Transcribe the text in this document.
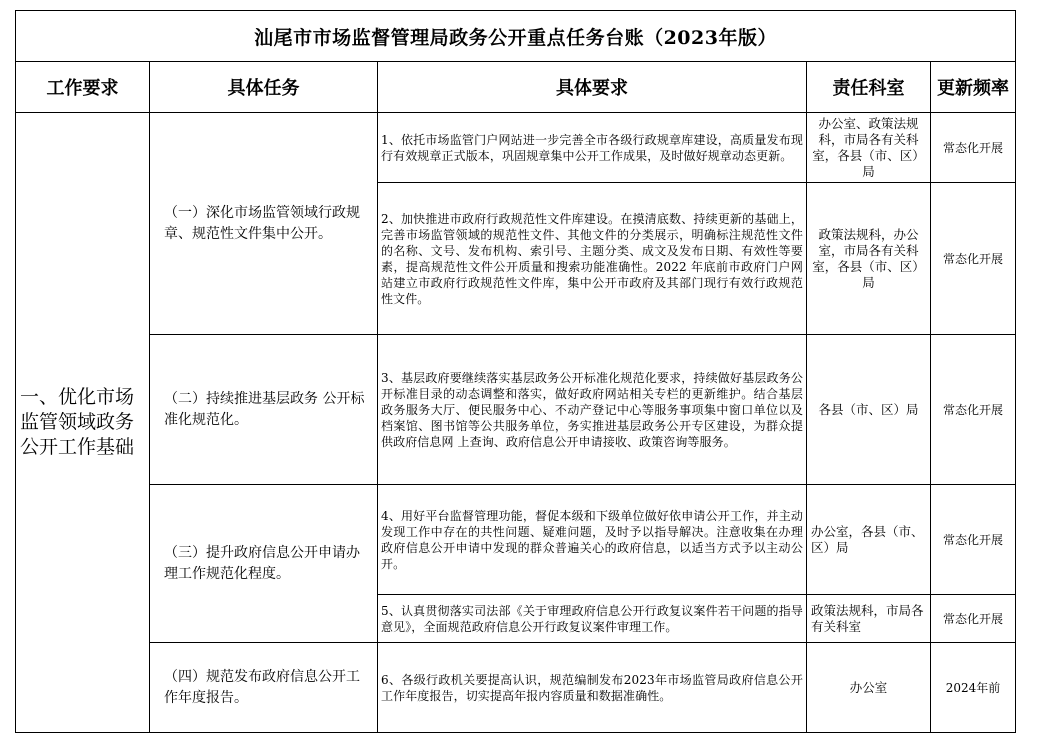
汕尾市市场监督管理局政务公开重点任务台账（2023年版）				
工作要求	具体任务	具体要求	责任科室	更新频率
一、优化市场监管领域政务公开工作基础	（一）深化市场监管领域行政规章、规范性文件集中公开。	1、依托市场监管门户网站进一步完善全市各级行政规章库建设，高质量发布现行有效规章正式版本，巩固规章集中公开工作成果，及时做好规章动态更新。	办公室、政策法规科，市局各有关科室，各县（市、区）局	常态化开展
		2、加快推进市政府行政规范性文件库建设。在摸清底数、持续更新的基础上，完善市场监管领域的规范性文件、其他文件的分类展示，明确标注规范性文件的名称、文号、发布机构、索引号、主题分类、成文及发布日期、有效性等要素，提高规范性文件公开质量和搜索功能准确性。2022 年底前市政府门户网站建立市政府行政规范性文件库，集中公开市政府及其部门现行有效行政规范性文件。	政策法规科，办公室，市局各有关科室，各县（市、区）局	常态化开展
	（二）持续推进基层政务 公开标准化规范化。	3、基层政府要继续落实基层政务公开标准化规范化要求，持续做好基层政务公开标准目录的动态调整和落实，做好政府网站相关专栏的更新维护。结合基层政务服务大厅、便民服务中心、不动产登记中心等服务事项集中窗口单位以及档案馆、图书馆等公共服务单位，务实推进基层政务公开专区建设，为群众提供政府信息网 上查询、政府信息公开申请接收、政策咨询等服务。	各县（市、区）局	常态化开展
	（三）提升政府信息公开申请办理工作规范化程度。	4、用好平台监督管理功能，督促本级和下级单位做好依申请公开工作，并主动发现工作中存在的共性问题、疑难问题，及时予以指导解决。注意收集在办理政府信息公开申请中发现的群众普遍关心的政府信息，以适当方式予以主动公开。	办公室，各县（市、区）局	常态化开展
		5、认真贯彻落实司法部《关于审理政府信息公开行政复议案件若干问题的指导意见》，全面规范政府信息公开行政复议案件审理工作。	政策法规科，市局各有关科室	常态化开展
	（四）规范发布政府信息公开工作年度报告。	6、各级行政机关要提高认识，规范编制发布2023年市场监管局政府信息公开工作年度报告，切实提高年报内容质量和数据准确性。	办公室	2024年前
